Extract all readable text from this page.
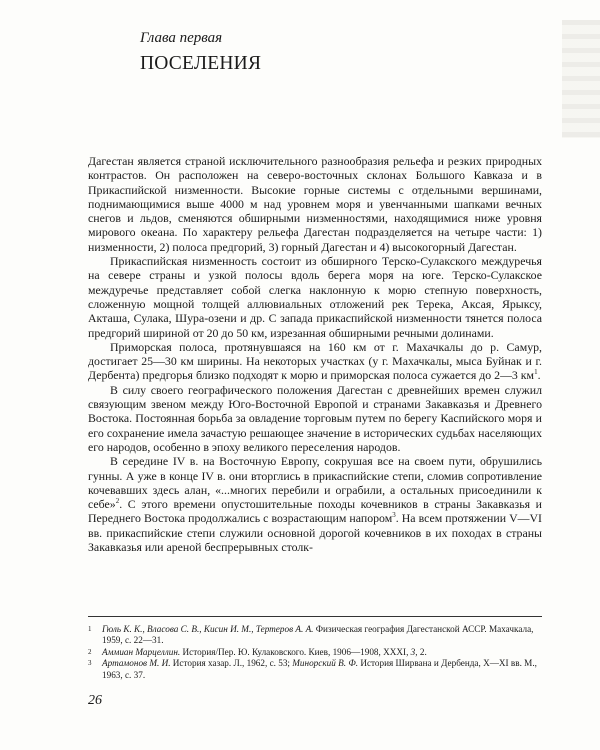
Глава первая
ПОСЕЛЕНИЯ

Дагестан является страной исключительного разнообразия рельефа и резких природных контрастов. Он расположен на северо-восточных склонах Большого Кавказа и в Прикаспийской низменности. Высокие горные системы с отдельными вершинами, поднимающимися выше 4000 м над уровнем моря и увенчанными шапками вечных снегов и льдов, сменяются обширными низменностями, находящимися ниже уровня мирового океана. По характеру рельефа Дагестан подразделяется на четыре части: 1) низменности, 2) полоса предгорий, 3) горный Дагестан и 4) высокогорный Дагестан.

Прикаспийская низменность состоит из обширного Терско-Сулакского междуречья на севере страны и узкой полосы вдоль берега моря на юге. Терско-Сулакское междуречье представляет собой слегка наклонную к морю степную поверхность, сложенную мощной толщей аллювиальных отложений рек Терека, Аксая, Ярыксу, Акташа, Сулака, Шура-озени и др. С запада прикаспийской низменности тянется полоса предгорий шириной от 20 до 50 км, изрезанная обширными речными долинами.

Приморская полоса, протянувшаяся на 160 км от г. Махачкалы до р. Самур, достигает 25—30 км ширины. На некоторых участках (у г. Махачкалы, мыса Буйнак и г. Дербента) предгорья близко подходят к морю и приморская полоса сужается до 2—3 $км^1$.

В силу своего географического положения Дагестан с древнейших времен служил связующим звеном между Юго-Восточной Европой и странами Закавказья и Древнего Востока. Постоянная борьба за овладение торговым путем по берегу Каспийского моря и его сохранение имела зачастую решающее значение в исторических судьбах населяющих его народов, особенно в эпоху великого переселения народов.

В середине IV в. на Восточную Европу, сокрушая все на своем пути, обрушились гунны. А уже в конце IV в. они вторглись в прикаспийские степи, сломив сопротивление кочевавших здесь алан, «...многих перебили и ограбили, а остальных присоединили к себе»$^2$. С этого времени опустошительные походы кочевников в страны Закавказья и Переднего Востока продолжались с возрастающим напором$^3$. На всем протяжении V—VI вв. прикаспийские степи служили основной дорогой кочевников в их походах в страны Закавказья или ареной беспрерывных столк-

1 Гюль К. К., Власова С. В., Кисин И. М., Тертеров А. А. Физическая география Дагестанской АССР. Махачкала, 1959, с. 22—31.

2 Аммиан Марцеллин. История/Пер. Ю. Кулаковского. Киев, 1906—1908, XXXI, 3, 2.

3 Артамонов М. И. История хазар. Л., 1962, с. 53; Минорский В. Ф. История Ширвана и Дербенда, X—XI вв. М., 1963, с. 37.

26
